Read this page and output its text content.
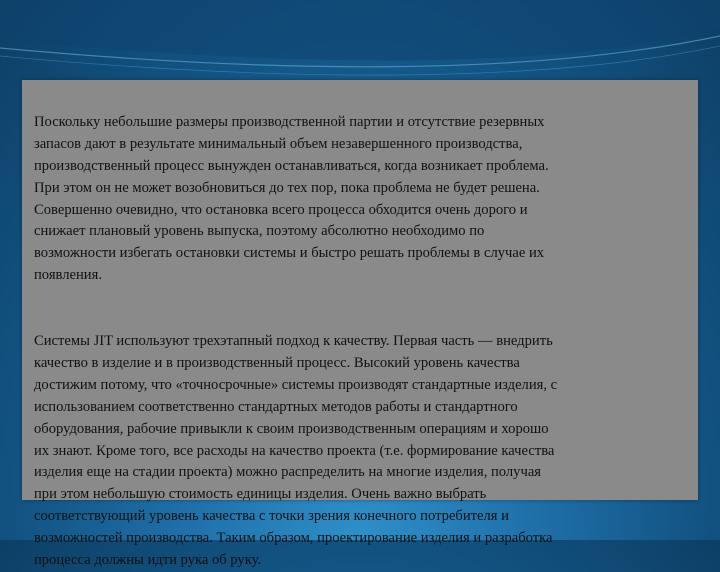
Поскольку небольшие размеры производственной партии и отсутствие резервных
запасов дают в результате минимальный объем незавершенного производства,
производственный процесс вынужден останавливаться, когда возникает проблема.
При этом он не может возобновиться до тех пор, пока проблема не будет решена.
Совершенно очевидно, что остановка всего процесса обходится очень дорого и
снижает плановый уровень выпуска, поэтому абсолютно необходимо по
возможности избегать остановки системы и быстро решать проблемы в случае их
появления.

Системы JIT используют трехэтапный подход к качеству. Первая часть — внедрить
качество в изделие и в производственный процесс. Высокий уровень качества
достижим потому, что «точносрочные» системы производят стандартные изделия, с
использованием соответственно стандартных методов работы и стандартного
оборудования, рабочие привыкли к своим производственным операциям и хорошо
их знают. Кроме того, все расходы на качество проекта (т.е. формирование качества
изделия еще на стадии проекта) можно распределить на многие изделия, получая
при этом небольшую стоимость единицы изделия. Очень важно выбрать
соответствующий уровень качества с точки зрения конечного потребителя и
возможностей производства. Таким образом, проектирование изделия и разработка
процесса должны идти рука об руку.
